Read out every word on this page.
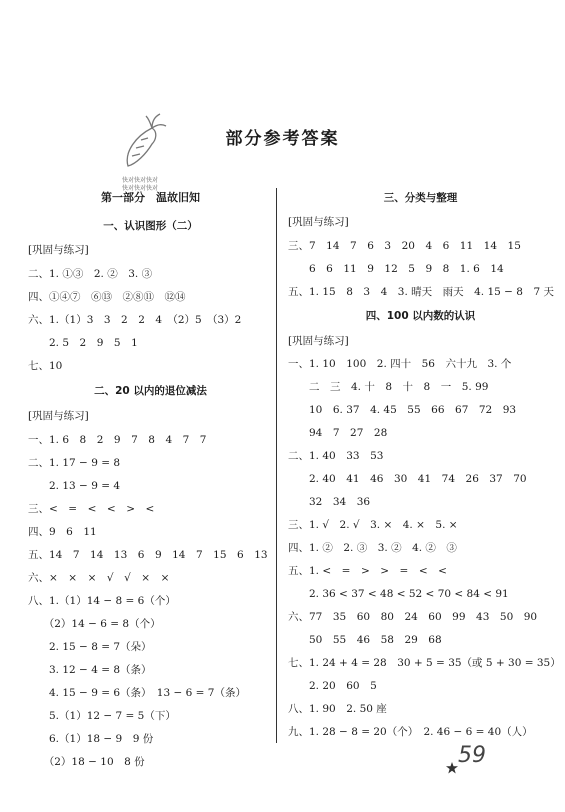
快对快对快对
快对快对快对
部分参考答案
第一部分　温故旧知
一、认识图形（二）
[巩固与练习]
二、1. ①③　2. ②　3. ③
四、①④⑦　⑥⑬　②⑧⑪　⑫⑭
六、1.（1）3　3　2　2　4　（2）5　（3）2
　　2. 5　2　9　5　1
七、10
二、20 以内的退位减法
[巩固与练习]
一、1. 6　8　2　9　7　8　4　7　7
二、1. 17 − 9 = 8
　　2. 13 − 9 = 4
三、<　=　<　<　>　<
四、9　6　11
五、14　7　14　13　6　9　14　7　15　6　13
六、×　×　×　√　√　×　×
八、1.（1）14 − 8 = 6（个）
　　（2）14 − 6 = 8（个）
　　2. 15 − 8 = 7（朵）
　　3. 12 − 4 = 8（条）
　　4. 15 − 9 = 6（条）　13 − 6 = 7（条）
　　5.（1）12 − 7 = 5（下）
　　6.（1）18 − 9　9 份
　　（2）18 − 10　8 份
三、分类与整理
[巩固与练习]
三、7　14　7　6　3　20　4　6　11　14　15
　　6　6　11　9　12　5　9　8　1. 6　14
五、1. 15　8　3　4　3. 晴天　雨天　4. 15 − 8　7 天
四、100 以内数的认识
[巩固与练习]
一、1. 10　100　2. 四十　56　六十九　3. 个
　　二　三　4. 十　8　十　8　一　5. 99
　　10　6. 37　4. 45　55　66　67　72　93
　　94　7　27　28
二、1. 40　33　53
　　2. 40　41　46　30　41　74　26　37　70
　　32　34　36
三、1. √　2. √　3. ×　4. ×　5. ×
四、1. ②　2. ③　3. ②　4. ②　③
五、1. <　=　>　>　=　<　<
　　2. 36 < 37 < 48 < 52 < 70 < 84 < 91
六、77　35　60　80　24　60　99　43　50　90
　　50　55　46　58　29　68
七、1. 24 + 4 = 28　30 + 5 = 35（或 5 + 30 = 35）
　　2. 20　60　5
八、1. 90　2. 50 座
九、1. 28 − 8 = 20（个）　2. 46 − 6 = 40（人）
59
